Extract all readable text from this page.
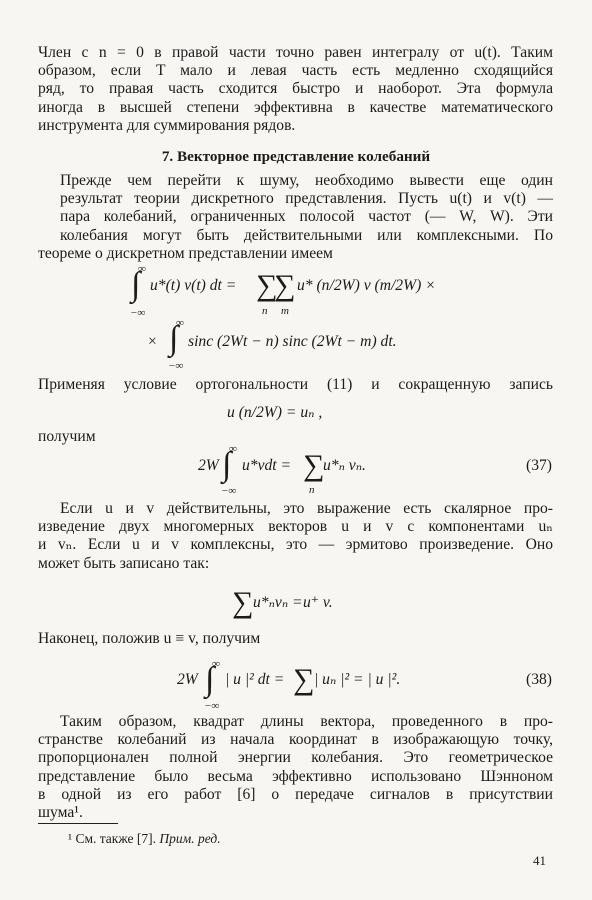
Член с n = 0 в правой части точно равен интегралу от u(t). Таким
образом, если T мало и левая часть есть медленно сходящийся
ряд, то правая часть сходится быстро и наоборот. Эта формула
иногда в высшей степени эффективна в качестве математического
инструмента для суммирования рядов.
7. Векторное представление колебаний
Прежде чем перейти к шуму, необходимо вывести еще один
результат теории дискретного представления. Пусть u(t) и v(t) —
пара колебаний, ограниченных полосой частот (— W, W). Эти
колебания могут быть действительными или комплексными. По
теореме о дискретном представлении имеем
∞
∫
−∞
u*(t) v(t) dt = ∑
∑
n m
u* (n/2W) v (m/2W) ×
×
∞
∫
−∞
sinc (2Wt − n) sinc (2Wt − m) dt.
Применяя условие ортогональности (11) и сокращенную запись
u (n/2W) = uₙ ,
получим
2W
∞
∫
−∞
u*vdt = ∑
n
u*ₙ vₙ.	(37)
Если u и v действительны, это выражение есть скалярное про-
изведение двух многомерных векторов u и v с компонентами uₙ
и vₙ. Если u и v комплексны, это — эрмитово произведение. Оно
может быть записано так:
∑ u*ₙvₙ = u⁺ v.
Наконец, положив u ≡ v, получим
2W
∞
∫
−∞
| u |² dt = ∑ | uₙ |² = | u |².	(38)
Таким образом, квадрат длины вектора, проведенного в про-
странстве колебаний из начала координат в изображающую точку,
пропорционален полной энергии колебания. Это геометрическое
представление было весьма эффективно использовано Шэнноном
в одной из его работ [6] о передаче сигналов в присутствии
шума¹.
¹ См. также [7]. Прим. ред.
41
